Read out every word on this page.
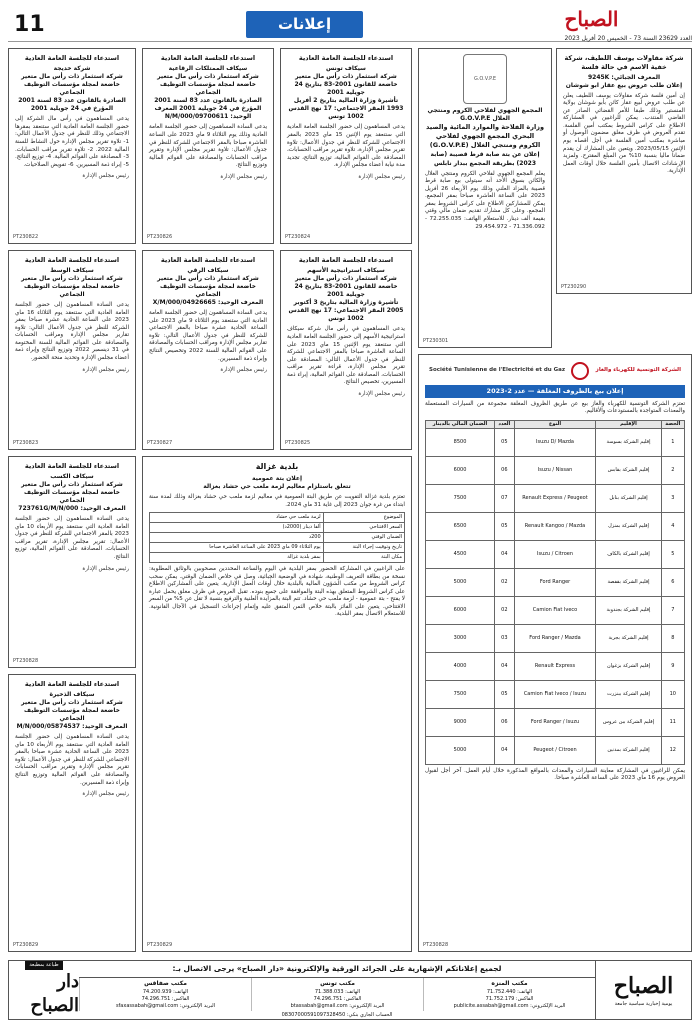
الصباح
العدد 23629 السنة 73 - الخميس 20 أفريل 2023
إعلانات
11
شركة مقاولات يوسف اللطيف، شركة خفية الاسم في حالة فلسة
المعرف الجبائي: 9245K
إعلان طلب عروض بيع عقار ابو شوشان

إن أمين فلسة شركة مقاولات يوسف اللطيف يعلن عن طلب عروض لبيع عقار كائن بأبو شوشان بولاية المنستير وذلك طبقا للأمر القضائي الصادر عن القاضي المنتدب. يمكن للراغبين في المشاركة الاطلاع على كراس الشروط بمكتب أمين الفلسة. تقدم العروض في ظرف مغلق مضمون الوصول أو مباشرة بمكتب أمين الفلسة في أجل أقصاه يوم الإثنين 2023/05/15. ويتعين على المشارك أن يقدم ضمانا ماليا بنسبة 10% من المبلغ المقترح. ولمزيد الإرشادات الاتصال بأمين الفلسة خلال أوقات العمل الإدارية.

PT230290
G.O.V.P.E
المجمع الجهوي لفلاحي الكروم ومنتجي الغلال G.O.V.P.E
وزارة الفلاحة والموارد المائية والصيد البحري المجمع الجهوي لفلاحي الكروم ومنتجي الغلال (G.O.V.P.E)
إعلان عن بتة صابة قرط قصيبة (صابة 2023) بطريقة المجمع ببدار نابلس

يعلم المجمع الجهوي لفلاحي الكروم ومنتجي الغلال والكائن بسوق الأحد أنه سيتولى بيع صابة قرط قصيبة بالمزاد العلني وذلك يوم الأربعاء 26 أفريل 2023 على الساعة العاشرة صباحا بمقر المجمع. يمكن للمشاركين الاطلاع على كراس الشروط بمقر المجمع. وعلى كل مشارك تقديم ضمان مالي وقتي بقيمة ألف دينار. للاستعلام الهاتف: 72.255.035 - 71.336.092 - 29.454.972

PT230301
استدعاء للجلسة العامة العادية
سيكاف تونس
شركة استثمار ذات رأس مال متغير خاضعة للقانون 2001-83 بتاريخ 24 جويلية 2001
تأشيرة وزارة المالية بتاريخ 2 أفريل 1993 المقر الاجتماعي: 17 نهج القدس 1002 تونس

يدعى المساهمون إلى حضور الجلسة العامة العادية التي ستنعقد يوم الإثنين 15 ماي 2023 بالمقر الاجتماعي للشركة للنظر في جدول الأعمال: تلاوة تقرير مجلس الإدارة، تلاوة تقرير مراقب الحسابات، المصادقة على القوائم المالية، توزيع النتائج، تجديد مدة نيابة أعضاء مجلس الإدارة.

رئيس مجلس الإدارة
PT230824
استدعاء للجلسة العامة العادية
سيكاف استراتيجية الأسهم
شركة استثمار ذات رأس مال متغير خاضعة للقانون 2001-83 بتاريخ 24 جويلية 2001
تأشيرة وزارة المالية بتاريخ 3 أكتوبر 2005 المقر الاجتماعي: 17 نهج القدس 1002 تونس

يدعى المساهمون في رأس مال شركة سيكاف استراتيجية الأسهم إلى حضور الجلسة العامة العادية التي ستنعقد يوم الإثنين 15 ماي 2023 على الساعة العاشرة صباحا بالمقر الاجتماعي للشركة للنظر في جدول الأعمال التالي: المصادقة على تقرير مجلس الإدارة، قراءة تقرير مراقب الحسابات، المصادقة على القوائم المالية، إبراء ذمة المسيرين، تخصيص النتائج.

رئيس مجلس الإدارة
PT230825
استدعاء للجلسة العامة العادية
سيكاف الممتلكات الرقاعية
شركة استثمار ذات رأس مال متغير خاضعة لمجلة مؤسسات التوظيف الجماعي
الصادرة بالقانون عدد 83 لسنة 2001 المؤرخ في 24 جويلية 2001 المعرف الوحيد: 09700611/N/M/000

يدعى السادة المساهمون إلى حضور الجلسة العامة العادية وذلك يوم الثلاثاء 9 ماي 2023 على الساعة العاشرة صباحا بالمقر الاجتماعي للشركة للنظر في جدول الأعمال: تلاوة تقرير مجلس الإدارة وتقرير مراقب الحسابات والمصادقة على القوائم المالية وتوزيع النتائج.

رئيس مجلس الإدارة
PT230826
استدعاء للجلسة العامة العادية
سيكاف الرقي
شركة استثمار ذات رأس مال متغير خاضعة لمجلة مؤسسات التوظيف الجماعي
المعرف الوحيد: 04926665/X/M/000

يدعى السادة المساهمون إلى حضور الجلسة العامة العادية التي ستنعقد يوم الثلاثاء 9 ماي 2023 على الساعة الحادية عشرة صباحا بالمقر الاجتماعي للشركة للنظر في جدول الأعمال التالي: تلاوة تقارير مجلس الإدارة ومراقب الحسابات والمصادقة على القوائم المالية للسنة 2022 وتخصيص النتائج وإبراء ذمة المسيرين.

رئيس مجلس الإدارة
PT230827
استدعاء للجلسة العامة العادية
شركة خديجة
شركة استثمار ذات رأس مال متغير خاضعة لمجلة مؤسسات التوظيف الجماعي
الصادرة بالقانون عدد 83 لسنة 2001 المؤرخ في 24 جويلية 2001

يدعى المساهمون في رأس مال الشركة إلى حضور الجلسة العامة العادية التي ستنعقد بمقرها الاجتماعي وذلك للنظر في جدول الأعمال التالي: 1- تلاوة تقرير مجلس الإدارة حول النشاط للسنة المالية 2022. 2- تلاوة تقرير مراقب الحسابات. 3- المصادقة على القوائم المالية. 4- توزيع النتائج. 5- إبراء ذمة المسيرين. 6- تفويض الصلاحيات.

رئيس مجلس الإدارة
PT230822
استدعاء للجلسة العامة العادية
سيكاف الوسط
شركة استثمار ذات رأس مال متغير خاضعة لمجلة مؤسسات التوظيف الجماعي

يدعى السادة المساهمون إلى حضور الجلسة العامة العادية التي ستنعقد يوم الثلاثاء 16 ماي 2023 على الساعة الحادية عشرة صباحا بمقر الشركة للنظر في جدول الأعمال التالي: تلاوة تقارير مجلس الإدارة ومراقب الحسابات والمصادقة على القوائم المالية للسنة المختومة في 31 ديسمبر 2022 وتوزيع النتائج وإبراء ذمة أعضاء مجلس الإدارة وتحديد منحة الحضور.

رئيس مجلس الإدارة
PT230823
استدعاء للجلسة العامة العادية
سيكاف الكسب
شركة استثمار ذات رأس مال متغير خاضعة لمجلة مؤسسات التوظيف الجماعي
المعرف الوحيد: 723761G/M/N/000

يدعى السادة المساهمون إلى حضور الجلسة العامة العادية التي ستنعقد يوم الأربعاء 10 ماي 2023 بالمقر الاجتماعي للشركة للنظر في جدول الأعمال: تقرير مجلس الإدارة، تقرير مراقب الحسابات، المصادقة على القوائم المالية، توزيع النتائج.

رئيس مجلس الإدارة
PT230828
استدعاء للجلسة العامة العادية
سيكاف الذخيرة
شركة استثمار ذات رأس مال متغير خاضعة لمجلة مؤسسات التوظيف الجماعي
المعرف الوحيد: 05874537/M/N/000

يدعى السادة المساهمون إلى حضور الجلسة العامة العادية التي ستنعقد يوم الأربعاء 10 ماي 2023 على الساعة الحادية عشرة صباحا بالمقر الاجتماعي للشركة للنظر في جدول الأعمال: تلاوة تقرير مجلس الإدارة وتقرير مراقب الحسابات والمصادقة على القوائم المالية وتوزيع النتائج وإبراء ذمة المسيرين.

رئيس مجلس الإدارة
PT230829
بلدية غزالة
إعلان بتة عمومية
تتعلق باستلزام معاليم لزمة ملعب حي حشاد بغزالة

تعتزم بلدية غزالة التفويت عن طريق البتة العمومية في معاليم لزمة ملعب حي حشاد بغزالة وذلك لمدة سنة ابتداء من غرة جوان 2023 إلى غاية 31 ماي 2024.

الموضوع	لزمة ملعب حي حشاد
السعر الافتتاحي	ألفا دينار (2000د)
الضمان الوقتي	200د
تاريخ وتوقيت إجراء البتة	يوم الثلاثاء 09 ماي 2023 على الساعة العاشرة صباحا
مكان البتة	بمقر بلدية غزالة

على الراغبين في المشاركة الحضور بمقر البلدية في اليوم والساعة المحددين مصحوبين بالوثائق المطلوبة: نسخة من بطاقة التعريف الوطنية، شهادة في الوضعية الجبائية، وصل في خلاص الضمان الوقتي. يمكن سحب كراس الشروط من مكتب الشؤون المالية بالبلدية خلال أوقات العمل الإدارية. يتعين على المشاركين الاطلاع على كراس الشروط المتعلق بهذه البتة والموافقة على جميع بنوده. تقبل العروض في ظرف مغلق يحمل عبارة لا يفتح - بتة عمومية - لزمة ملعب حي حشاد. تتم البتة بالمزايدة العلنية والترفيع بنسبة لا تقل عن 5% من السعر الافتتاحي. يتعين على الفائز بالبتة خلاص الثمن المتفق عليه وإتمام إجراءات التسجيل في الآجال القانونية. للاستعلام الاتصال بمقر البلدية.

PT230829
الشركة التونسية للكهرباء والغاز
Société Tunisienne de l'Electricité et du Gaz
إعلان بيع بالظروف المغلقة — عدد 2-2023

تعتزم الشركة التونسية للكهرباء والغاز بيع عن طريق الظروف المغلقة مجموعة من السيارات المستعملة والمعدات المتواجدة بالمستودعات والأقاليم.

الحصة	الإقليم	النوع	العدد	الضمان المالي بالدينار
1	إقليم الشركة بسوسة	Isuzu D/ Mazda	05	8500
2	إقليم الشركة بقابس	Isuzu / Nissan	06	6000
3	إقليم الشركة بنابل	Renault Express / Peugeot	07	7500
4	إقليم الشركة بمنزل	Renault Kangoo / Mazda	05	6500
5	إقليم الشركة بالكاف	Isuzu / Citroen	04	4500
6	إقليم الشركة بقفصة	Ford Ranger	02	5000
7	إقليم الشركة بجندوبة	Camion Fiat Iveco	02	6000
8	إقليم الشركة بجربة	Ford Ranger / Mazda	03	3000
9	إقليم الشركة بزغوان	Renault Express	04	4000
10	إقليم الشركة ببنزرت	Camion Fiat Iveco / Isuzu	05	7500
11	إقليم الشركة ببن عروس	Ford Ranger / Isuzu	06	9000
12	إقليم الشركة بمدنين	Peugeot / Citroen	04	5000

يمكن للراغبين في المشاركة معاينة السيارات والمعدات بالمواقع المذكورة خلال أيام العمل. آخر أجل لقبول العروض يوم 16 ماي 2023 على الساعة العاشرة صباحا.

PT230828
الصباح
يومية إخبارية سياسية جامعة
لجميع إعلاناتكم الإشهارية على الجرائد الورقية والإلكترونية «دار الصباح» يرجى الاتصال بـ:
مكتب المنزه
الهاتف: 71.752.440
الفاكس: 71.752.179
البريد الإلكتروني: publicite.assabah@gmail.com
مكتب تونس
الهاتف: 71.388.033
الفاكس: 74.296.751
البريد الإلكتروني: btassabah@gmail.com
مكتب صفاقس
الهاتف: 74.200.939
الفاكس: 74.296.751
البريد الإلكتروني: sfaxassabah@gmail.com
الحساب الجاري بنكي: 08307000591097328450
طباعة بمطبعة
دار الصباح
